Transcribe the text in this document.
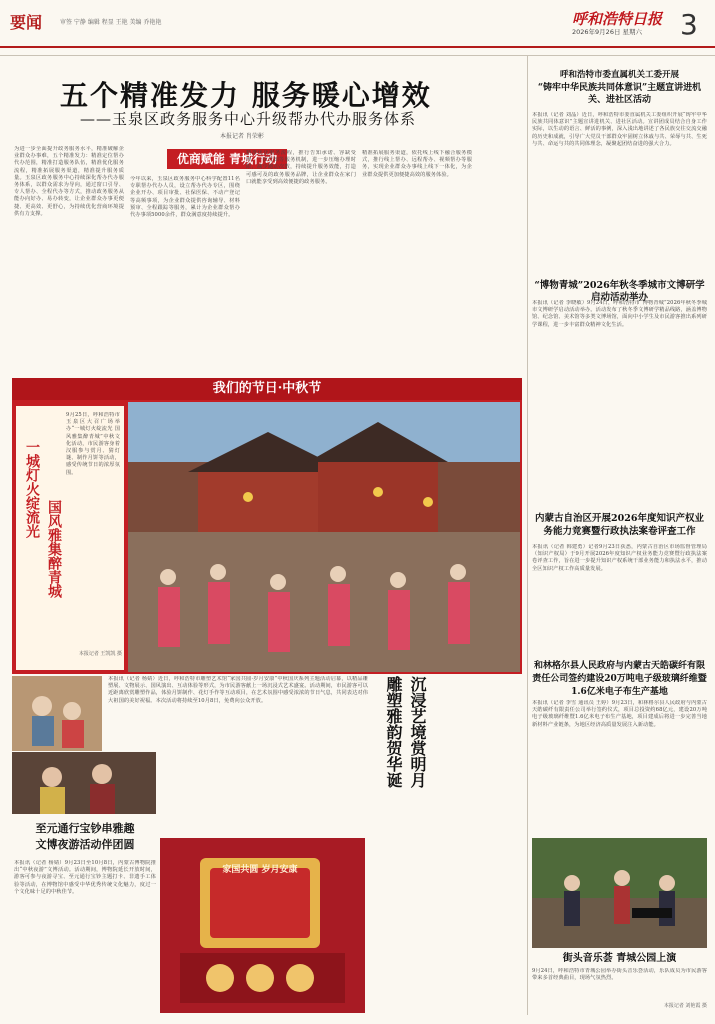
要闻	审签 宁静 编辑 程显 王艳 美编 乔艳艳	呼和浩特日报
2026年9月26日 星期六 3
五个精准发力 服务暖心增效
——玉泉区政务服务中心升级帮办代办服务体系
本报记者 肖荣彬
优商赋能 青城行动
为进一步全面提升政务服务水平，精准破解企业群众办事难，五个精准发力：精准定位帮办代办范围，精准打造服务队伍，精准优化服务流程，精准拓展服务渠道，精准提升服务质量。玉泉区政务服务中心持续深化帮办代办服务体系，以群众需求为导向，通过窗口引导、专人帮办、全程代办等方式，推动政务服务从能办向好办、易办转变，让企业群众办事更便捷、更高效、更舒心，为持续优化营商环境提供有力支撑。
今年以来，玉泉区政务服务中心科学配置11名专职帮办代办人员，设立帮办代办专区，围绕企业开办、项目审批、社保医保、不动产登记等高频事项，为企业群众提供咨询辅导、材料预审、全程跟踪等服务，累计为企业群众帮办代办事项5000余件，群众满意度持续提升。
精准优化服务流程，推行告知承诺、容缺受理、一次告知等服务机制，进一步压缩办理时限，减少跑动次数，持续提升服务效能，打造可感可及的政务服务品牌，让企业群众在家门口就能享受到高效便捷的政务服务。
精准拓展服务渠道，依托线上线下融合服务模式，推行线上帮办、远程帮办、视频帮办等服务，实现企业群众办事线上线下一体化，为企业群众提供更加便捷高效的服务体验。
我们的节日·中秋节
一城灯火绽流光
国风雅集醉青城
9月25日，呼和浩特市玉泉区大召广场举办“一城灯火绽流光 国风雅集醉青城”中秋文化活动，市民游客身着汉服参与赏月、猜灯谜、制作月饼等活动，感受传统节日的浓厚氛围。
本报记者 王凯凯 摄
本报讯（记者 杨婧）近日，呼和浩特市雕塑艺术馆“家国共圆·岁月安康”中秋国庆系列主题活动启幕，以精品雕塑展、文物展示、国风演出、互动体验等形式，为市民游客献上一场沉浸式艺术盛宴。活动期间，市民游客可以近距离欣赏雕塑作品，体验月饼制作、花灯手作等互动项目，在艺术氛围中感受浓浓的节日气息，共同表达对伟大祖国的美好祝福。本次活动将持续至10月8日，免费向公众开放。	雕塑雅韵贺华诞 沉浸艺境赏明月
家国共圆 岁月安康
至元通行宝钞串雅趣
文博夜游活动伴团圆
本报讯（记者 杨婧）9月23日至10月8日，内蒙古博物院推出“中秋夜游”文博活动。活动期间，博物院延长开放时间，游客可参与夜游寻宝、至元通行宝钞主题打卡、非遗手工体验等活动，在博物馆中感受中华优秀传统文化魅力，度过一个文化味十足的中秋佳节。
呼和浩特市委直属机关工委开展
“铸牢中华民族共同体意识”主题宣讲进机关、进社区活动
本报讯（记者 刘晶）近日，呼和浩特市委直属机关工委组织开展“铸牢中华民族共同体意识”主题宣讲进机关、进社区活动。宣讲团成员结合自身工作实际，以生动的语言、鲜活的事例，深入浅出地讲述了各民族交往交流交融的历史和成就，引导广大党员干部群众牢固树立休戚与共、荣辱与共、生死与共、命运与共的共同体理念，凝聚起团结奋进的强大合力。
“博物青城”2026年秋冬季城市文博研学启动活动举办
本报讯（记者 李晓敏）9月24日，呼和浩特市“博物青城”2026年秋冬季城市文博研学启动活动举办。活动发布了秋冬季文博研学精品线路，涵盖博物馆、纪念馆、美术馆等多类文博场馆，面向中小学生及市民游客推出系列研学课程，进一步丰富群众精神文化生活。
内蒙古自治区开展2026年度知识产权业务能力竞赛暨行政执法案卷评查工作
本报讯（记者 韩建勇）记者9月23日获悉，内蒙古自治区市场监督管理局（知识产权局）于9月开展2026年度知识产权业务能力竞赛暨行政执法案卷评查工作，旨在进一步提升知识产权系统干部业务能力和执法水平，推动全区知识产权工作高质量发展。
和林格尔县人民政府与内蒙古天皓碳纤有限责任公司签约建设20万吨电子级玻璃纤维暨1.6亿米电子布生产基地
本报讯（记者 李雪 通讯员 王婷）9月23日，和林格尔县人民政府与内蒙古天皓碳纤有限责任公司举行签约仪式，项目总投资约68亿元，建设20万吨电子级玻璃纤维暨1.6亿米电子布生产基地，项目建成后将进一步完善当地新材料产业链条，为地区经济高质量发展注入新动能。
街头音乐荟 青城公园上演
9月24日，呼和浩特市青城公园举办街头音乐荟活动，乐队成员为市民游客带来多首经典曲目，现场气氛热烈。
本报记者 刘艳霞 摄
